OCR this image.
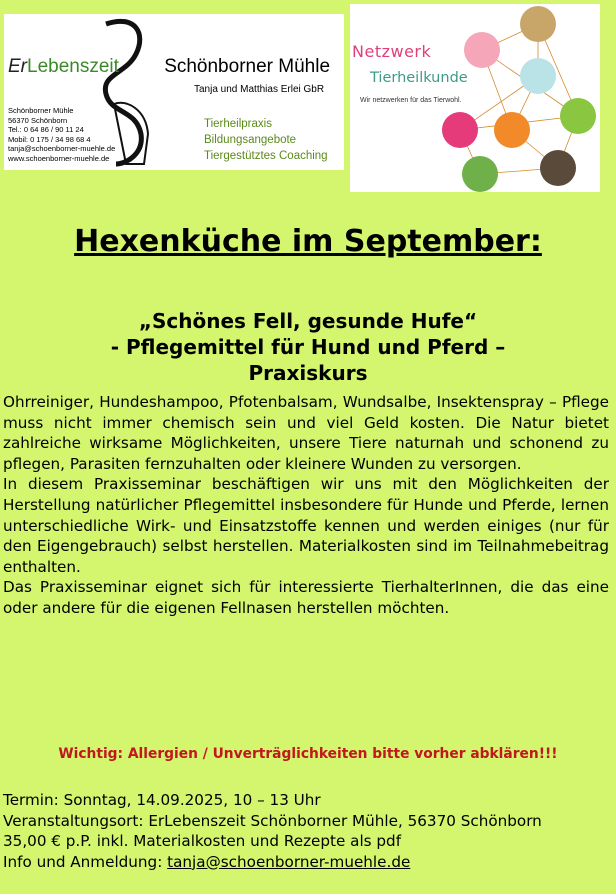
ErLebenszeit Schönborner Mühle
Tanja und Matthias Erlei GbR
Schönborner Mühle
56370 Schönborn
Tel.: 0 64 86 / 90 11 24
Mobil: 0 175 / 34 98 68 4
tanja@schoenborner-muehle.de
www.schoenborner-muehle.de
Tierheilpraxis
Bildungsangebote
Tiergestütztes Coaching
Netzwerk
Tierheilkunde
Wir netzwerken für das Tierwohl.
Hexenküche im September:
„Schönes Fell, gesunde Hufe“
- Pflegemittel für Hund und Pferd –
Praxiskurs

Ohrreiniger, Hundeshampoo, Pfotenbalsam, Wundsalbe, Insektenspray – Pflege muss nicht immer chemisch sein und viel Geld kosten. Die Natur bietet zahlreiche wirksame Möglichkeiten, unsere Tiere naturnah und schonend zu pflegen, Parasiten fernzuhalten oder kleinere Wunden zu versorgen.

In diesem Praxisseminar beschäftigen wir uns mit den Möglichkeiten der Herstellung natürlicher Pflegemittel insbesondere für Hunde und Pferde, lernen unterschiedliche Wirk- und Einsatzstoffe kennen und werden einiges (nur für den Eigengebrauch) selbst herstellen. Materialkosten sind im Teilnahmebeitrag enthalten.

Das Praxisseminar eignet sich für interessierte TierhalterInnen, die das eine oder andere für die eigenen Fellnasen herstellen möchten.

Wichtig: Allergien / Unverträglichkeiten bitte vorher abklären!!!
Termin: Sonntag, 14.09.2025, 10 – 13 Uhr
Veranstaltungsort: ErLebenszeit Schönborner Mühle, 56370 Schönborn
35,00 € p.P. inkl. Materialkosten und Rezepte als pdf
Info und Anmeldung: tanja@schoenborner-muehle.de
